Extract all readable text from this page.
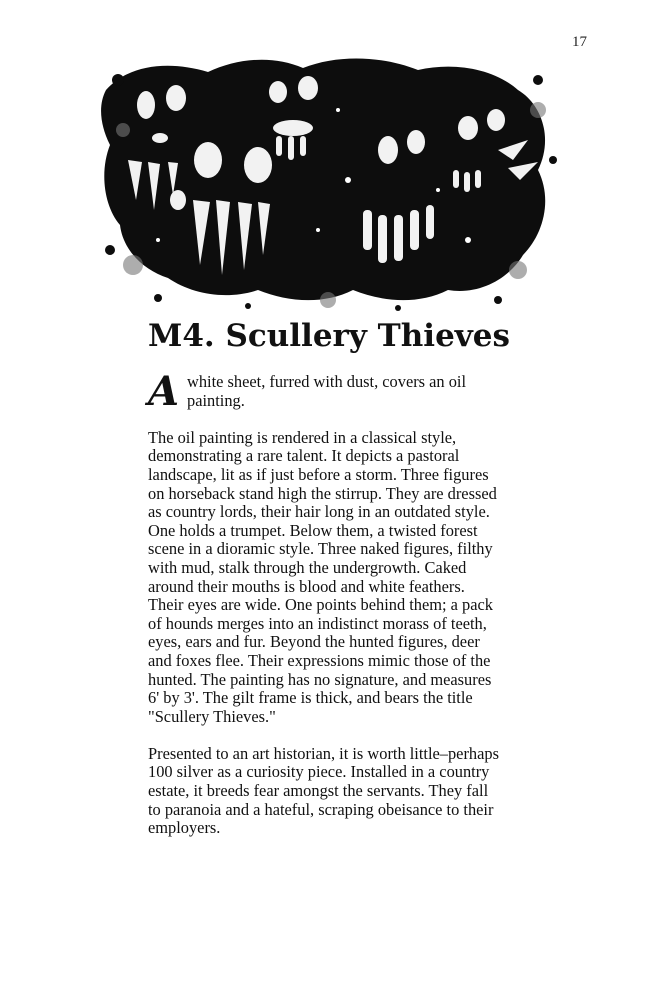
17
M4. Scullery Thieves

A white sheet, furred with dust, covers an oil painting.

The oil painting is rendered in a classical style, demonstrating a rare talent. It depicts a pastoral landscape, lit as if just before a storm. Three figures on horseback stand high the stirrup. They are dressed as country lords, their hair long in an outdated style. One holds a trumpet. Below them, a twisted forest scene in a dioramic style. Three naked figures, filthy with mud, stalk through the undergrowth. Caked around their mouths is blood and white feathers. Their eyes are wide. One points behind them; a pack of hounds merges into an indistinct morass of teeth, eyes, ears and fur. Beyond the hunted figures, deer and foxes flee. Their expressions mimic those of the hunted. The painting has no signature, and measures 6' by 3'. The gilt frame is thick, and bears the title "Scullery Thieves."

Presented to an art historian, it is worth little–perhaps 100 silver as a curiosity piece. Installed in a country estate, it breeds fear amongst the servants. They fall to paranoia and a hateful, scraping obeisance to their employers.
